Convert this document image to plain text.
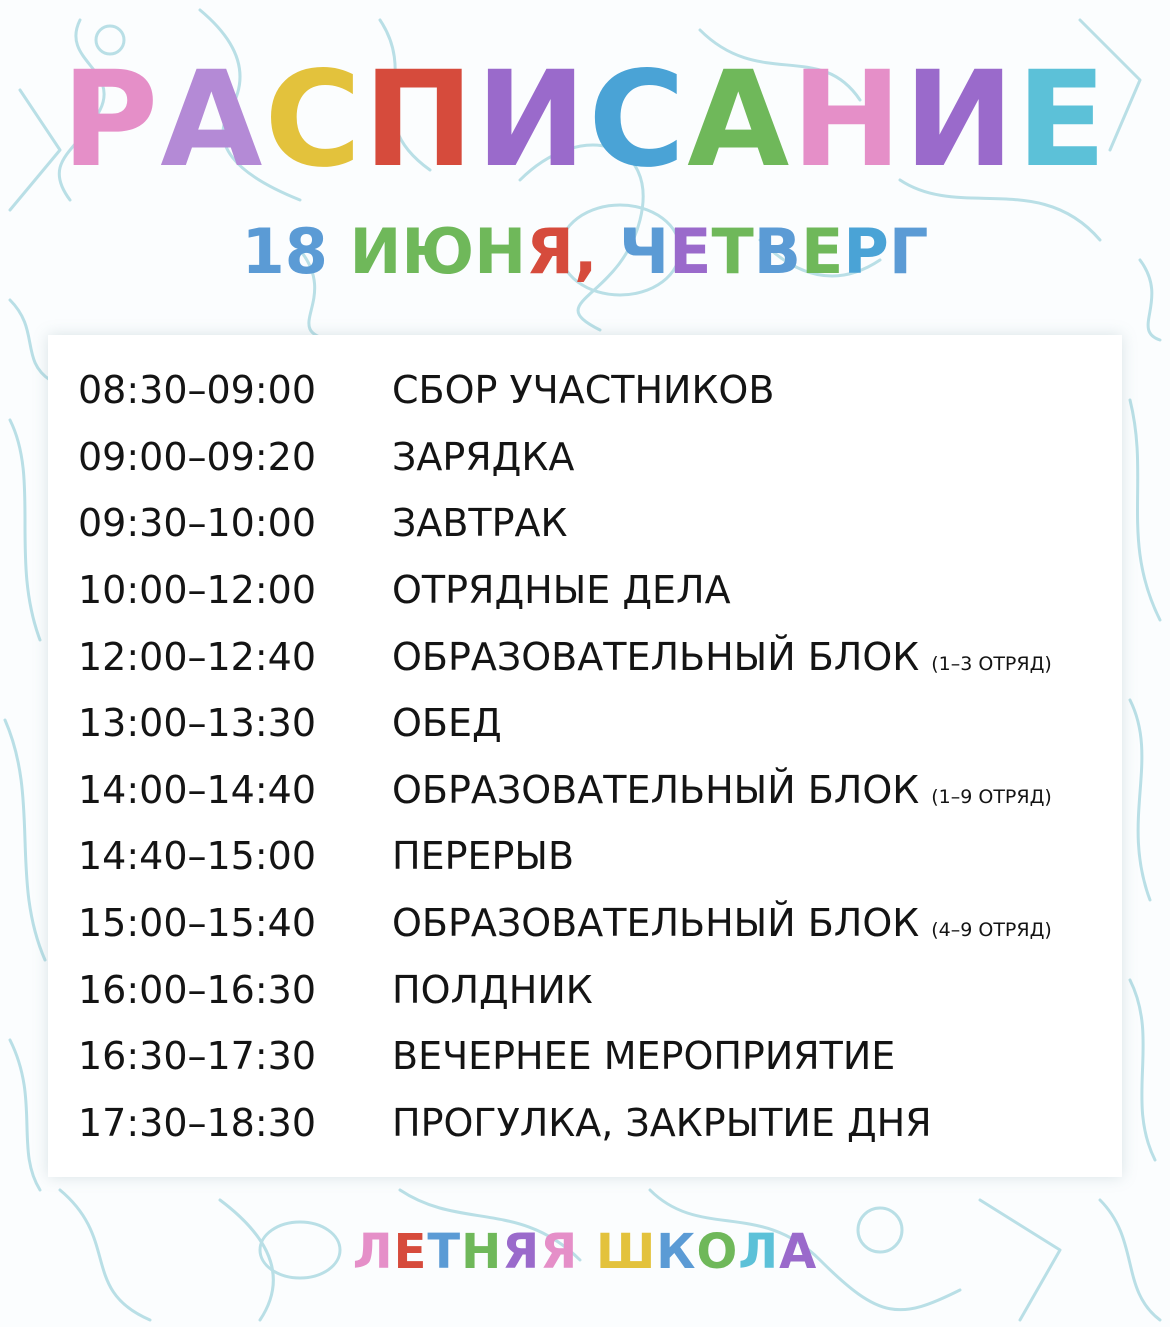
РАСПИСАНИЕ
18 ИЮНЯ, ЧЕТВЕРГ
08:30–09:00	СБОР УЧАСТНИКОВ
09:00–09:20	ЗАРЯДКА
09:30–10:00	ЗАВТРАК
10:00–12:00	ОТРЯДНЫЕ ДЕЛА
12:00–12:40	ОБРАЗОВАТЕЛЬНЫЙ БЛОК (1–3 ОТРЯД)
13:00–13:30	ОБЕД
14:00–14:40	ОБРАЗОВАТЕЛЬНЫЙ БЛОК (1–9 ОТРЯД)
14:40–15:00	ПЕРЕРЫВ
15:00–15:40	ОБРАЗОВАТЕЛЬНЫЙ БЛОК (4–9 ОТРЯД)
16:00–16:30	ПОЛДНИК
16:30–17:30	ВЕЧЕРНЕЕ МЕРОПРИЯТИЕ
17:30–18:30	ПРОГУЛКА, ЗАКРЫТИЕ ДНЯ
ЛЕТНЯЯ ШКОЛА
